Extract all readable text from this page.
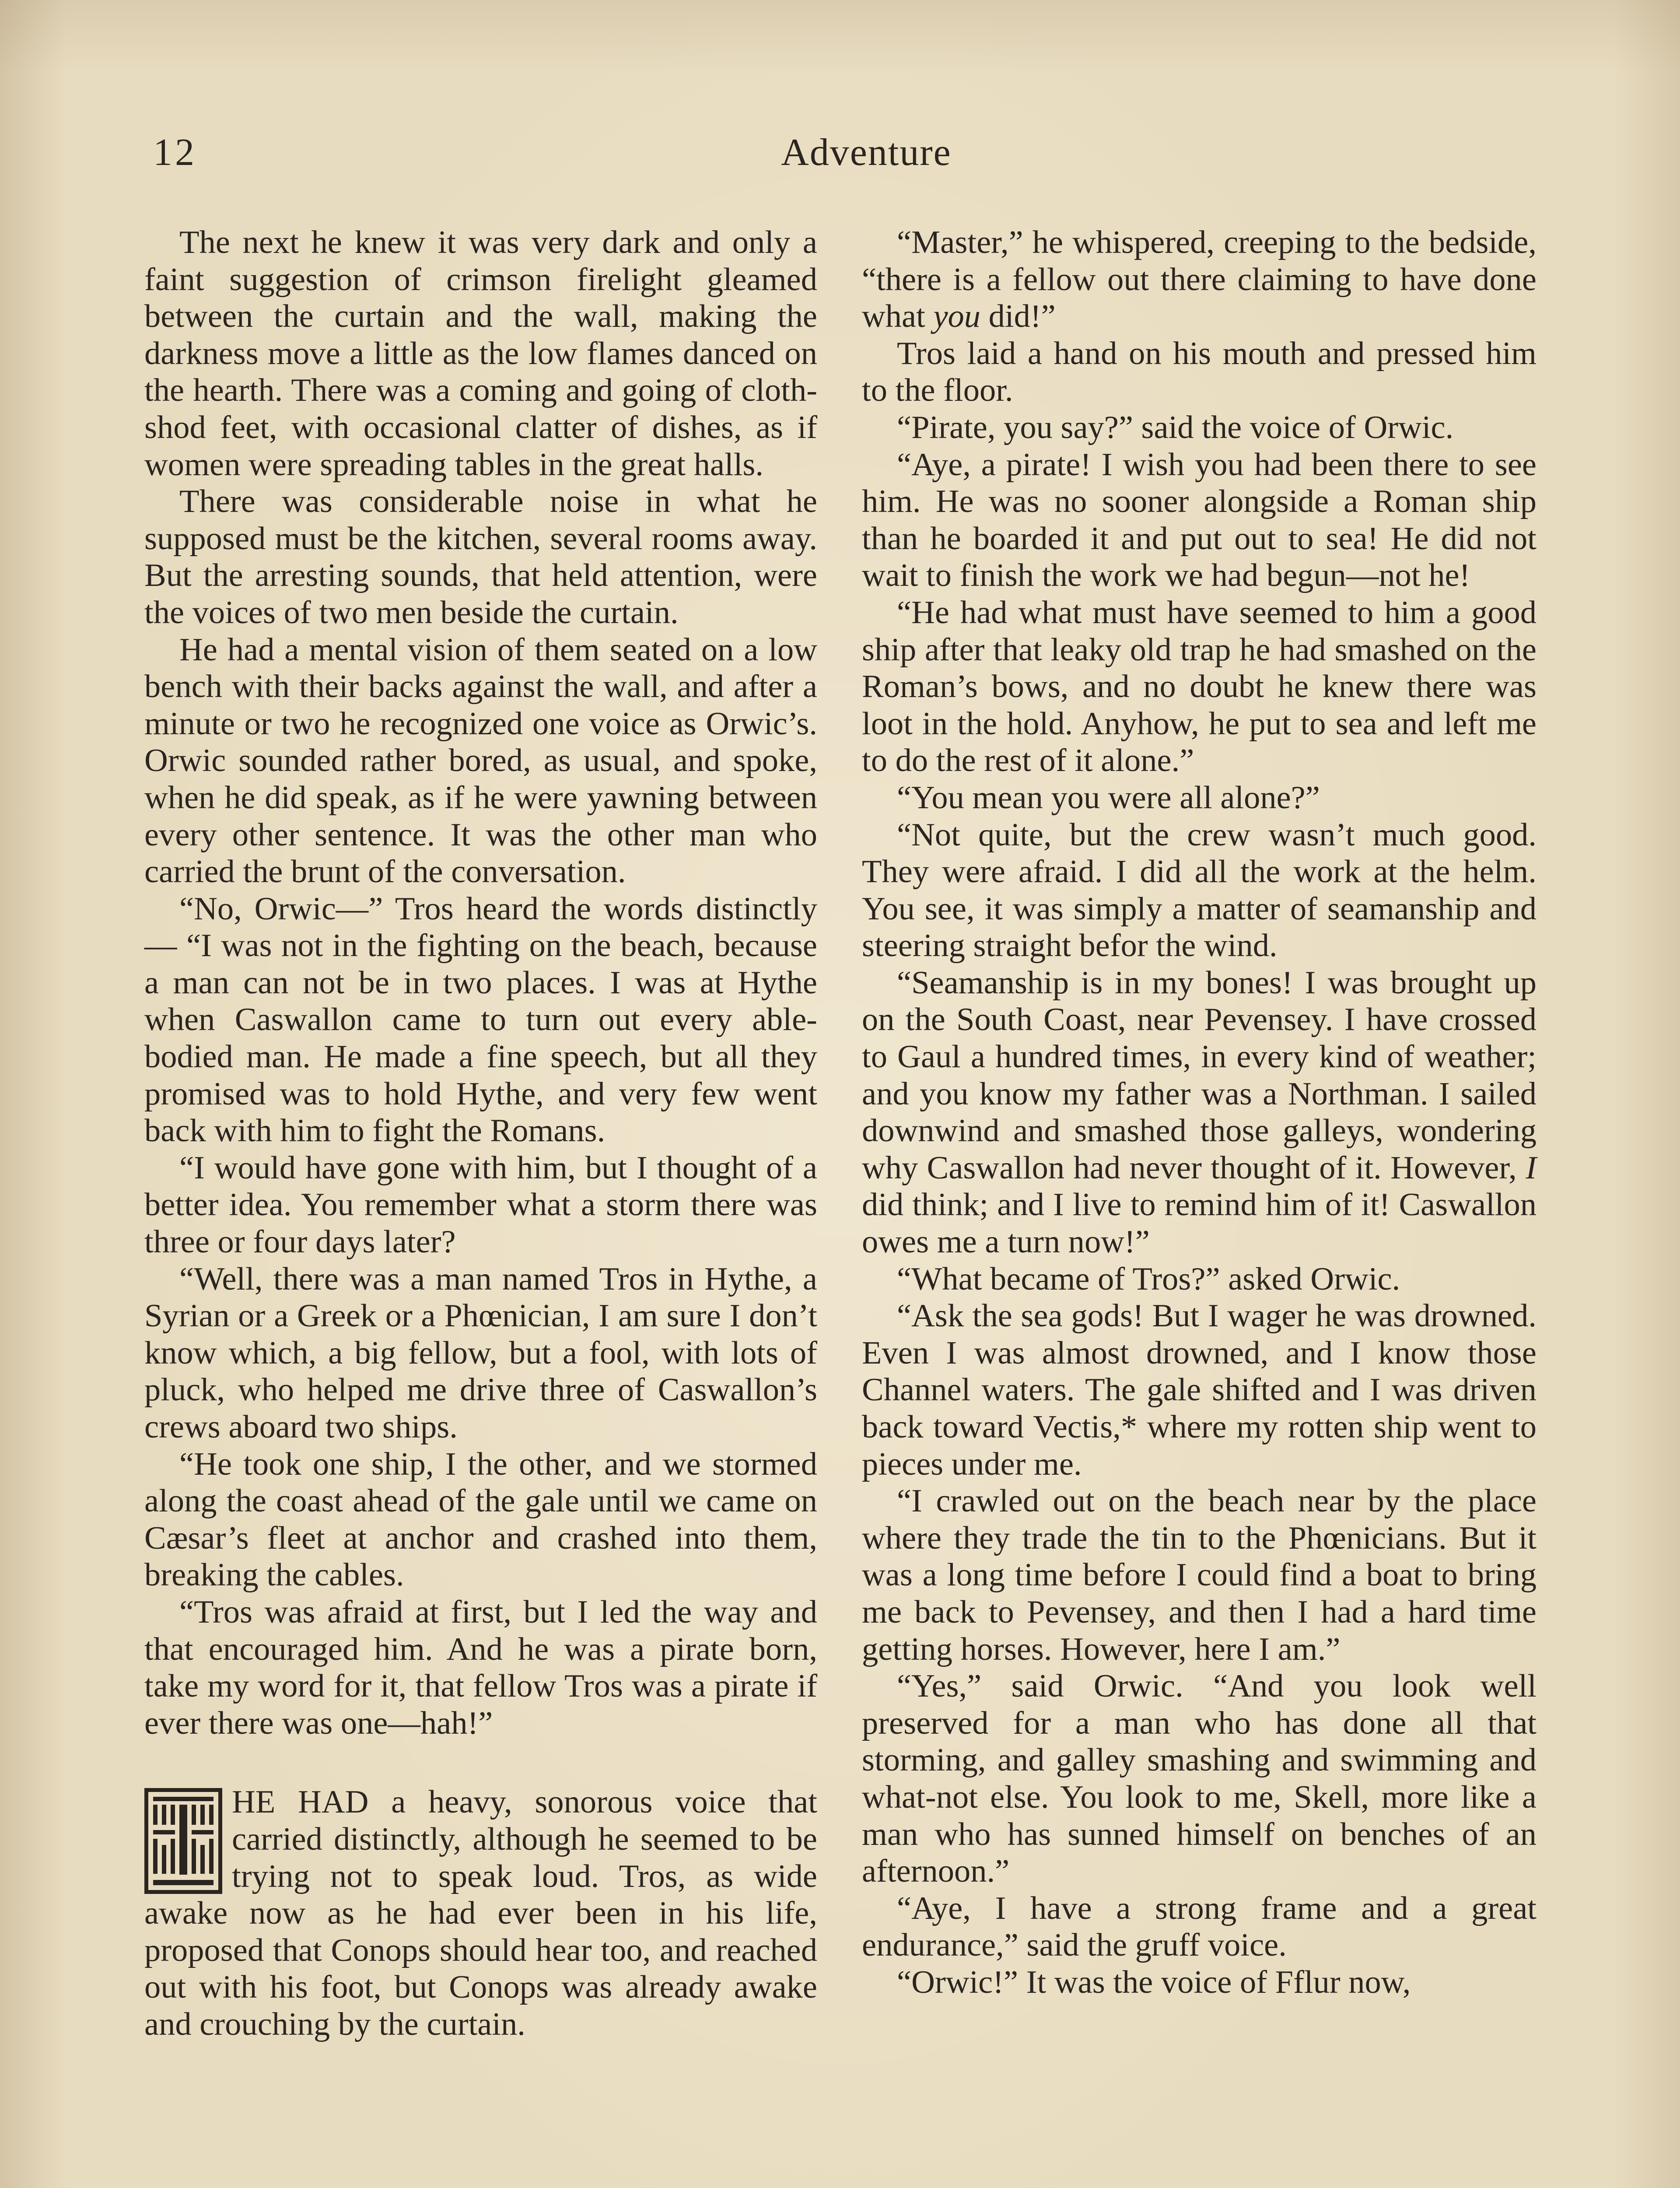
12	Adventure

The next he knew it was very dark and only a faint suggestion of crimson firelight gleamed between the curtain and the wall, making the darkness move a little as the low flames danced on the hearth. There was a coming and going of cloth-shod feet, with occasional clatter of dishes, as if women were spreading tables in the great halls.

There was considerable noise in what he supposed must be the kitchen, several rooms away. But the arresting sounds, that held attention, were the voices of two men beside the curtain.

He had a mental vision of them seated on a low bench with their backs against the wall, and after a minute or two he recognized one voice as Orwic’s. Orwic sounded rather bored, as usual, and spoke, when he did speak, as if he were yawning between every other sentence. It was the other man who carried the brunt of the conversation.

“No, Orwic—” Tros heard the words distinctly— “I was not in the fighting on the beach, because a man can not be in two places. I was at Hythe when Caswallon came to turn out every able-bodied man. He made a fine speech, but all they promised was to hold Hythe, and very few went back with him to fight the Romans.

“I would have gone with him, but I thought of a better idea. You remember what a storm there was three or four days later?

“Well, there was a man named Tros in Hythe, a Syrian or a Greek or a Phœnician, I am sure I don’t know which, a big fellow, but a fool, with lots of pluck, who helped me drive three of Caswallon’s crews aboard two ships.

“He took one ship, I the other, and we stormed along the coast ahead of the gale until we came on Cæsar’s fleet at anchor and crashed into them, breaking the cables.

“Tros was afraid at first, but I led the way and that encouraged him. And he was a pirate born, take my word for it, that fellow Tros was a pirate if ever there was one—hah!”

HE HAD a heavy, sonorous voice that carried distinctly, although he seemed to be trying not to speak loud. Tros, as wide awake now as he had ever been in his life, proposed that Conops should hear too, and reached out with his foot, but Conops was already awake and crouching by the curtain.

“Master,” he whispered, creeping to the bedside, “there is a fellow out there claiming to have done what you did!”

Tros laid a hand on his mouth and pressed him to the floor.

“Pirate, you say?” said the voice of Orwic.

“Aye, a pirate! I wish you had been there to see him. He was no sooner alongside a Roman ship than he boarded it and put out to sea! He did not wait to finish the work we had begun—not he!

“He had what must have seemed to him a good ship after that leaky old trap he had smashed on the Roman’s bows, and no doubt he knew there was loot in the hold. Anyhow, he put to sea and left me to do the rest of it alone.”

“You mean you were all alone?”

“Not quite, but the crew wasn’t much good. They were afraid. I did all the work at the helm. You see, it was simply a matter of seamanship and steering straight befor the wind.

“Seamanship is in my bones! I was brought up on the South Coast, near Pevensey. I have crossed to Gaul a hundred times, in every kind of weather; and you know my father was a Northman. I sailed downwind and smashed those galleys, wondering why Caswallon had never thought of it. However, I did think; and I live to remind him of it! Caswallon owes me a turn now!”

“What became of Tros?” asked Orwic.

“Ask the sea gods! But I wager he was drowned. Even I was almost drowned, and I know those Channel waters. The gale shifted and I was driven back toward Vectis,* where my rotten ship went to pieces under me.

“I crawled out on the beach near by the place where they trade the tin to the Phœnicians. But it was a long time before I could find a boat to bring me back to Pevensey, and then I had a hard time getting horses. However, here I am.”

“Yes,” said Orwic. “And you look well preserved for a man who has done all that storming, and galley smashing and swimming and what-not else. You look to me, Skell, more like a man who has sunned himself on benches of an afternoon.”

“Aye, I have a strong frame and a great endurance,” said the gruff voice.

“Orwic!” It was the voice of Fflur now,
